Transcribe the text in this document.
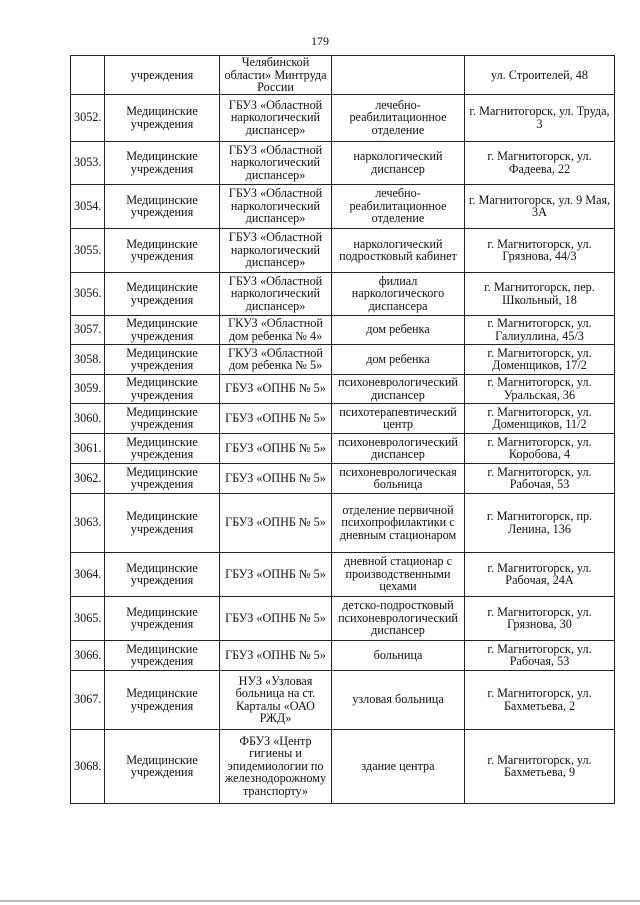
179
	учреждения	Челябинской области» Минтруда России		ул. Строителей, 48
3052.	Медицинские учреждения	ГБУЗ «Областной наркологический диспансер»	лечебно-реабилитационное отделение	г. Магнитогорск, ул. Труда, 3
3053.	Медицинские учреждения	ГБУЗ «Областной наркологический диспансер»	наркологический диспансер	г. Магнитогорск, ул. Фадеева, 22
3054.	Медицинские учреждения	ГБУЗ «Областной наркологический диспансер»	лечебно-реабилитационное отделение	г. Магнитогорск, ул. 9 Мая, 3А
3055.	Медицинские учреждения	ГБУЗ «Областной наркологический диспансер»	наркологический подростковый кабинет	г. Магнитогорск, ул. Грязнова, 44/3
3056.	Медицинские учреждения	ГБУЗ «Областной наркологический диспансер»	филиал наркологического диспансера	г. Магнитогорск, пер. Школьный, 18
3057.	Медицинские учреждения	ГКУЗ «Областной дом ребенка № 4»	дом ребенка	г. Магнитогорск, ул. Галиуллина, 45/3
3058.	Медицинские учреждения	ГКУЗ «Областной дом ребенка № 5»	дом ребенка	г. Магнитогорск, ул. Доменщиков, 17/2
3059.	Медицинские учреждения	ГБУЗ «ОПНБ № 5»	психоневрологический диспансер	г. Магнитогорск, ул. Уральская, 36
3060.	Медицинские учреждения	ГБУЗ «ОПНБ № 5»	психотерапевтический центр	г. Магнитогорск, ул. Доменщиков, 11/2
3061.	Медицинские учреждения	ГБУЗ «ОПНБ № 5»	психоневрологический диспансер	г. Магнитогорск, ул. Коробова, 4
3062.	Медицинские учреждения	ГБУЗ «ОПНБ № 5»	психоневрологическая больница	г. Магнитогорск, ул. Рабочая, 53
3063.	Медицинские учреждения	ГБУЗ «ОПНБ № 5»	отделение первичной психопрофилактики с дневным стационаром	г. Магнитогорск, пр. Ленина, 136
3064.	Медицинские учреждения	ГБУЗ «ОПНБ № 5»	дневной стационар с производственными цехами	г. Магнитогорск, ул. Рабочая, 24А
3065.	Медицинские учреждения	ГБУЗ «ОПНБ № 5»	детско-подростковый психоневрологический диспансер	г. Магнитогорск, ул. Грязнова, 30
3066.	Медицинские учреждения	ГБУЗ «ОПНБ № 5»	больница	г. Магнитогорск, ул. Рабочая, 53
3067.	Медицинские учреждения	НУЗ «Узловая больница на ст. Карталы «ОАО РЖД»	узловая больница	г. Магнитогорск, ул. Бахметьева, 2
3068.	Медицинские учреждения	ФБУЗ «Центр гигиены и эпидемиологии по железнодорожному транспорту»	здание центра	г. Магнитогорск, ул. Бахметьева, 9
